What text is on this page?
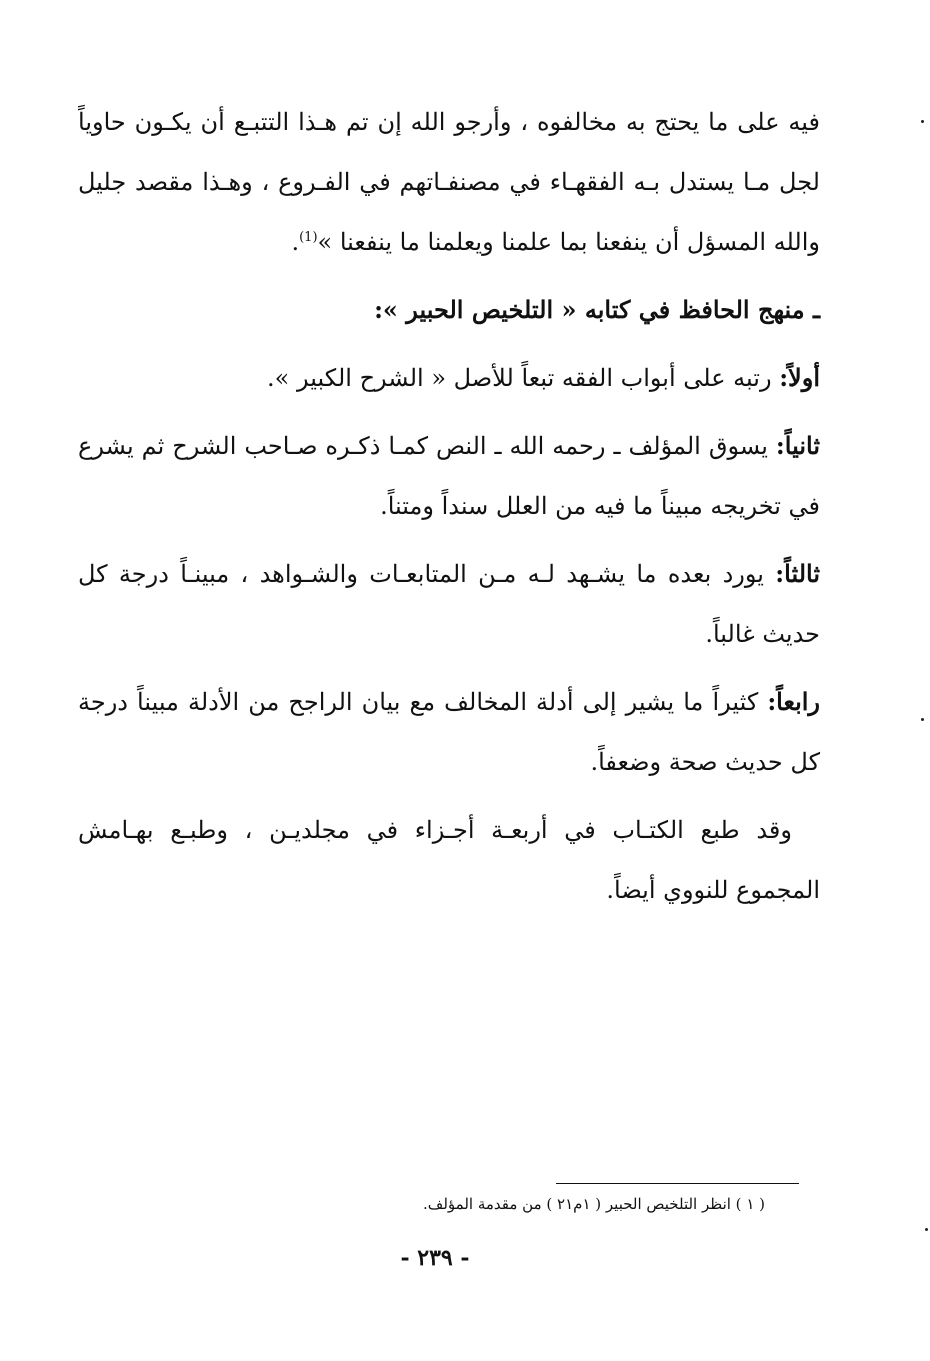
فيه على ما يحتج به مخالفوه ، وأرجو الله إن تم هـذا التتبـع أن يكـون حاوياً لجل مـا يستدل بـه الفقهـاء في مصنفـاتهم في الفـروع ، وهـذا مقصد جليل والله المسؤل أن ينفعنا بما علمنا ويعلمنا ما ينفعنا »$^{(1)}$.

ـ منهج الحافظ في كتابه « التلخيص الحبير »:

أولاً: رتبه على أبواب الفقه تبعاً للأصل « الشرح الكبير ».

ثانياً: يسوق المؤلف ـ رحمه الله ـ النص كمـا ذكـره صـاحب الشرح ثم يشرع في تخريجه مبيناً ما فيه من العلل سنداً ومتناً.

ثالثاً: يورد بعده ما يشـهد لـه مـن المتابعـات والشـواهد ، مبينـاً درجة كل حديث غالباً.

رابعاً: كثيراً ما يشير إلى أدلة المخالف مع بيان الراجح من الأدلة مبيناً درجة كل حديث صحة وضعفاً.

وقد طبع الكتـاب في أربعـة أجـزاء في مجلديـن ، وطبـع بهـامش المجموع للنووي أيضاً.

( ١ ) انظر التلخيص الحبير ( ١م٢١ ) من مقدمة المؤلف.
- ٢٣٩ -
